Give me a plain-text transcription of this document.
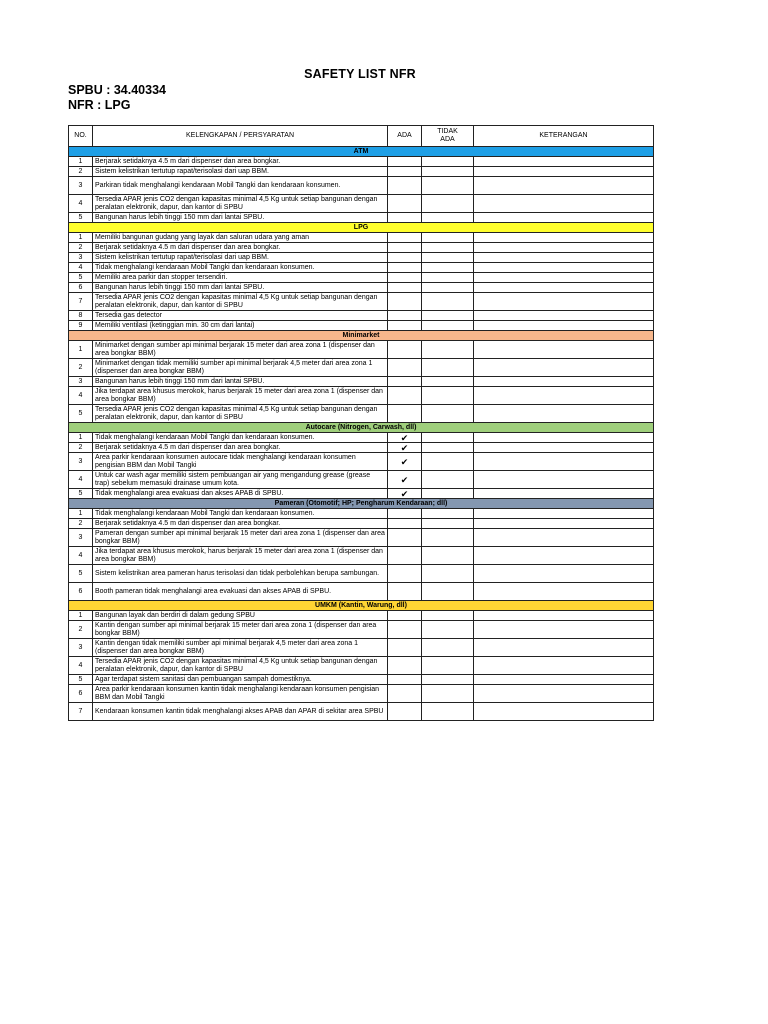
SAFETY LIST NFR
SPBU : 34.40334
NFR : LPG
NO.	KELENGKAPAN / PERSYARATAN	ADA	TIDAK ADA	KETERANGAN
ATM				
1	Berjarak setidaknya 4.5 m dari dispenser dan area bongkar.			
2	Sistem kelistrikan tertutup rapat/terisolasi dari uap BBM.			
3	Parkiran tidak menghalangi kendaraan Mobil Tangki dan kendaraan konsumen.			
4	Tersedia APAR jenis CO2 dengan kapasitas minimal 4,5 Kg untuk setiap bangunan dengan peralatan elektronik, dapur, dan kantor di SPBU			
5	Bangunan harus lebih tinggi 150 mm dari lantai SPBU.			
LPG				
1	Memiliki bangunan gudang yang layak dan saluran udara yang aman			
2	Berjarak setidaknya 4.5 m dari dispenser dan area bongkar.			
3	Sistem kelistrikan tertutup rapat/terisolasi dari uap BBM.			
4	Tidak menghalangi kendaraan Mobil Tangki dan kendaraan konsumen.			
5	Memiliki area parkir dan stopper tersendiri.			
6	Bangunan harus lebih tinggi 150 mm dari lantai SPBU.			
7	Tersedia APAR jenis CO2 dengan kapasitas minimal 4,5 Kg untuk setiap bangunan dengan peralatan elektronik, dapur, dan kantor di SPBU			
8	Tersedia gas detector			
9	Memiliki ventilasi (ketinggian min. 30 cm dari lantai)			
Minimarket				
1	Minimarket dengan sumber api minimal berjarak 15 meter dari area zona 1 (dispenser dan area bongkar BBM)			
2	Minimarket dengan tidak memiliki sumber api minimal berjarak 4,5 meter dari area zona 1 (dispenser dan area bongkar BBM)			
3	Bangunan harus lebih tinggi 150 mm dari lantai SPBU.			
4	Jika terdapat area khusus merokok, harus berjarak 15 meter dari area zona 1 (dispenser dan area bongkar BBM)			
5	Tersedia APAR jenis CO2 dengan kapasitas minimal 4,5 Kg untuk setiap bangunan dengan peralatan elektronik, dapur, dan kantor di SPBU			
Autocare (Nitrogen, Carwash, dll)				
1	Tidak menghalangi kendaraan Mobil Tangki dan kendaraan konsumen.	✔		
2	Berjarak setidaknya 4.5 m dari dispenser dan area bongkar.	✔		
3	Area parkir kendaraan konsumen autocare tidak menghalangi kendaraan konsumen pengisian BBM dan Mobil Tangki	✔		
4	Untuk car wash agar memiliki sistem pembuangan air yang mengandung grease (grease trap) sebelum memasuki drainase umum kota.	✔		
5	Tidak menghalangi area evakuasi dan akses APAB di SPBU.	✔		
Pameran (Otomotif; HP; Pengharum Kendaraan; dll)				
1	Tidak menghalangi kendaraan Mobil Tangki dan kendaraan konsumen.			
2	Berjarak setidaknya 4.5 m dari dispenser dan area bongkar.			
3	Pameran dengan sumber api minimal berjarak 15 meter dari area zona 1 (dispenser dan area bongkar BBM)			
4	Jika terdapat area khusus merokok, harus berjarak 15 meter dari area zona 1 (dispenser dan area bongkar BBM)			
5	Sistem kelistrikan area pameran harus terisolasi dan tidak perbolehkan berupa sambungan.			
6	Booth pameran tidak menghalangi area evakuasi dan akses APAB di SPBU.			
UMKM (Kantin, Warung, dll)				
1	Bangunan layak dan berdiri di dalam gedung SPBU			
2	Kantin dengan sumber api minimal berjarak 15 meter dari area zona 1 (dispenser dan area bongkar BBM)			
3	Kantin dengan tidak memiliki sumber api minimal berjarak 4,5 meter dari area zona 1 (dispenser dan area bongkar BBM)			
4	Tersedia APAR jenis CO2 dengan kapasitas minimal 4,5 Kg untuk setiap bangunan dengan peralatan elektronik, dapur, dan kantor di SPBU			
5	Agar terdapat sistem sanitasi dan pembuangan sampah domestiknya.			
6	Area parkir kendaraan konsumen kantin tidak menghalangi kendaraan konsumen pengisian BBM dan Mobil Tangki			
7	Kendaraan konsumen kantin tidak menghalangi akses APAB dan APAR di sekitar area SPBU			
